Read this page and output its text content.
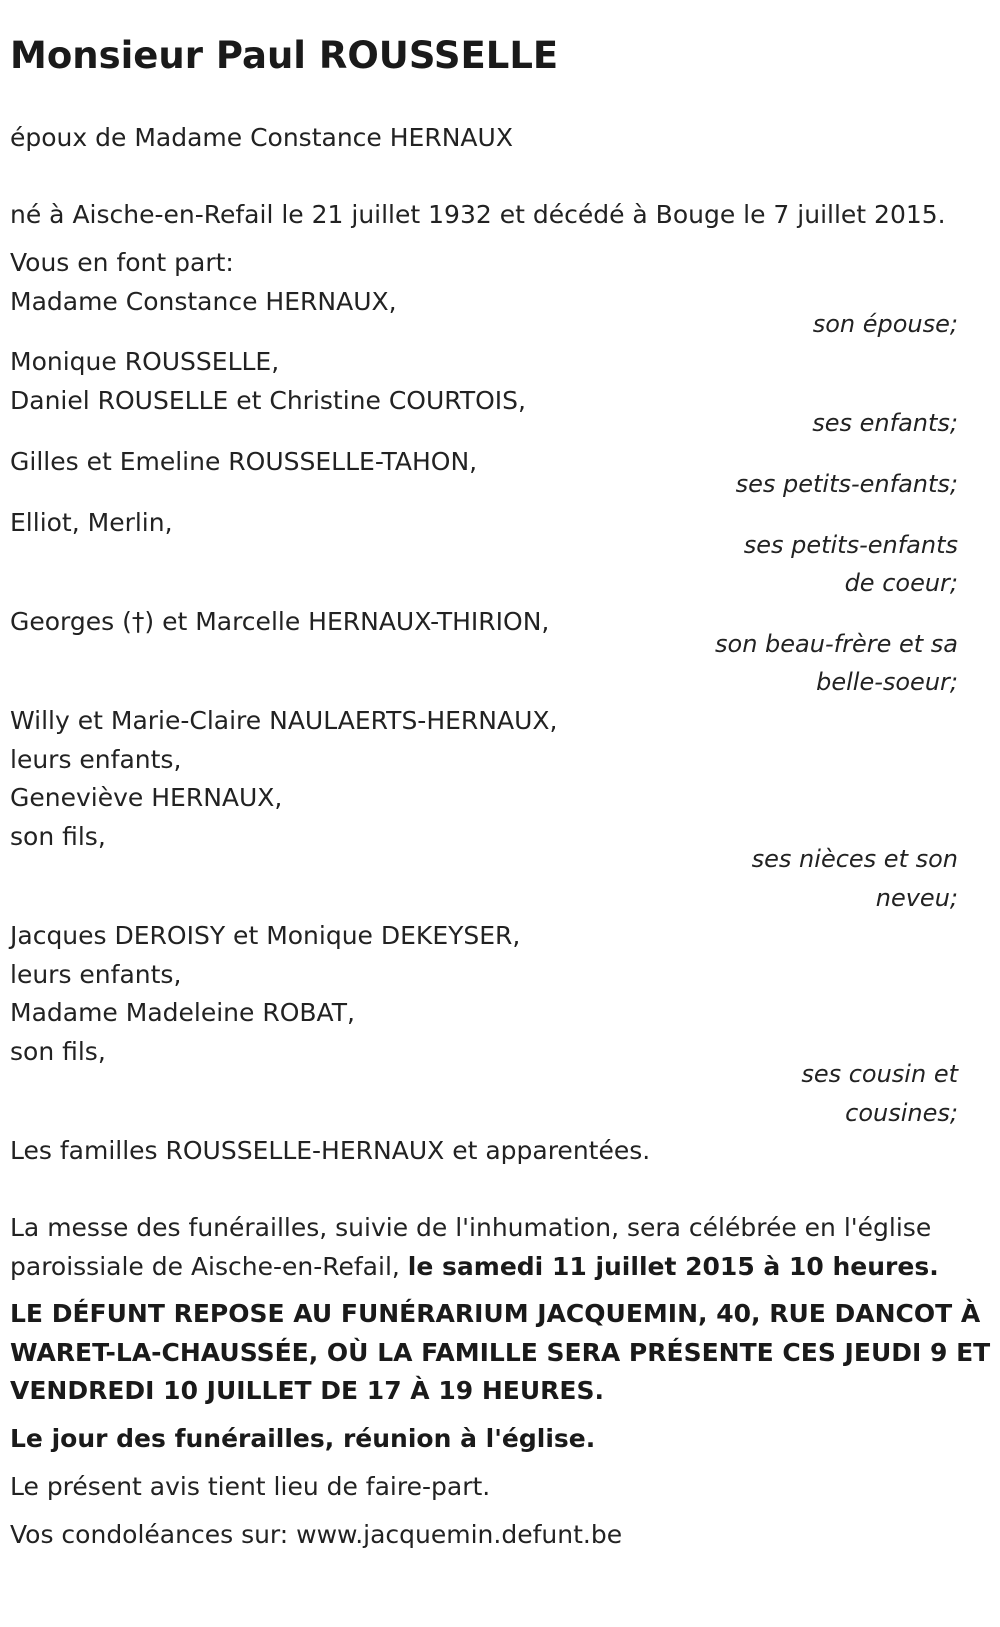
Monsieur Paul ROUSSELLE

époux de Madame Constance HERNAUX

né à Aische-en-Refail le 21 juillet 1932 et décédé à Bouge le 7 juillet 2015.

Vous en font part:

Madame Constance HERNAUX,

son épouse;

Monique ROUSSELLE,

Daniel ROUSELLE et Christine COURTOIS,

ses enfants;

Gilles et Emeline ROUSSELLE-TAHON,

ses petits-enfants;

Elliot, Merlin,

ses petits-enfants
de coeur;

Georges (†) et Marcelle HERNAUX-THIRION,

son beau-frère et sa
belle-soeur;

Willy et Marie-Claire NAULAERTS-HERNAUX,

leurs enfants,

Geneviève HERNAUX,

son fils,

ses nièces et son
neveu;

Jacques DEROISY et Monique DEKEYSER,

leurs enfants,

Madame Madeleine ROBAT,

son fils,

ses cousin et
cousines;

Les familles ROUSSELLE-HERNAUX et apparentées.

La messe des funérailles, suivie de l'inhumation, sera célébrée en l'église

paroissiale de Aische-en-Refail, le samedi 11 juillet 2015 à 10 heures.

LE DÉFUNT REPOSE AU FUNÉRARIUM JACQUEMIN, 40, RUE DANCOT À

WARET-LA-CHAUSSÉE, OÙ LA FAMILLE SERA PRÉSENTE CES JEUDI 9 ET

VENDREDI 10 JUILLET DE 17 À 19 HEURES.

Le jour des funérailles, réunion à l'église.

Le présent avis tient lieu de faire-part.

Vos condoléances sur: www.jacquemin.defunt.be
